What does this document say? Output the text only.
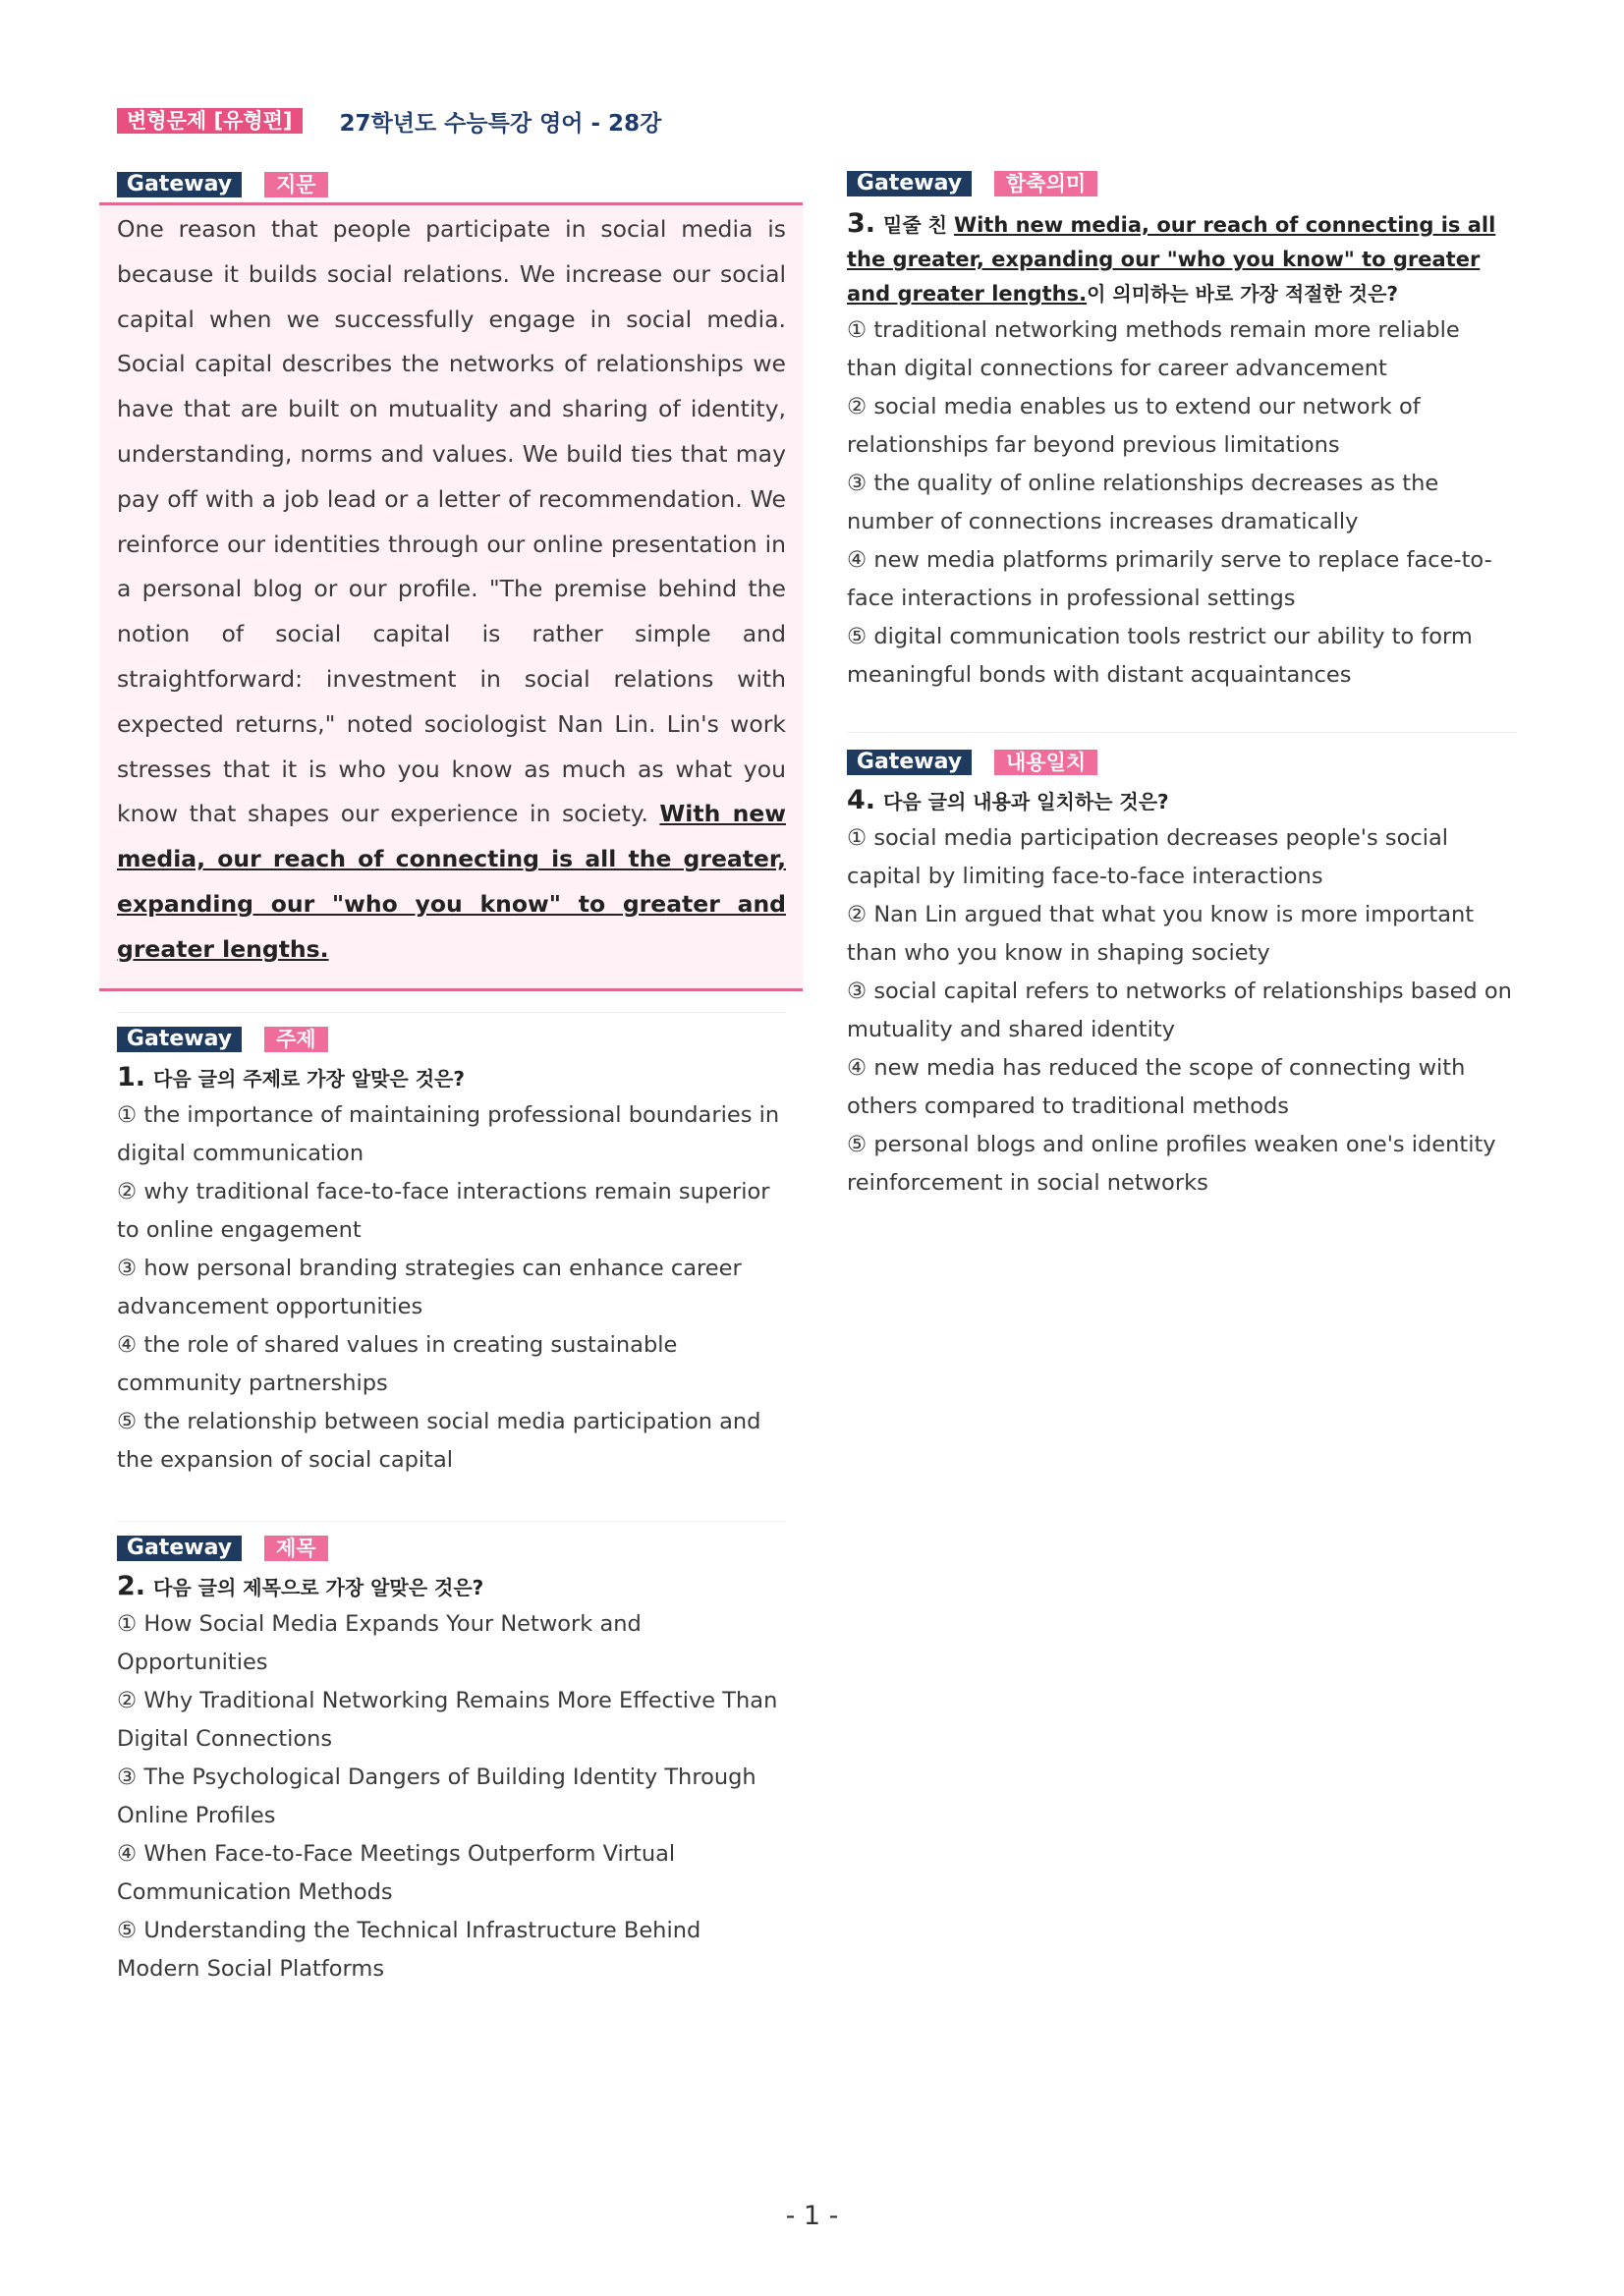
변형문제 [유형편]	27학년도 수능특강 영어 - 28강
Gateway	지문

One reason that people participate in social media is because it builds social relations. We increase our social capital when we successfully engage in social media. Social capital describes the networks of relationships we have that are built on mutuality and sharing of identity, understanding, norms and values. We build ties that may pay off with a job lead or a letter of recommendation. We reinforce our identities through our online presentation in a personal blog or our profile. "The premise behind the notion of social capital is rather simple and straightforward: investment in social relations with expected returns," noted sociologist Nan Lin. Lin's work stresses that it is who you know as much as what you know that shapes our experience in society. With new media, our reach of connecting is all the greater, expanding our "who you know" to greater and greater lengths.

Gateway	주제
1. 다음 글의 주제로 가장 알맞은 것은?
① the importance of maintaining professional boundaries in digital communication
② why traditional face-to-face interactions remain superior to online engagement
③ how personal branding strategies can enhance career advancement opportunities
④ the role of shared values in creating sustainable community partnerships
⑤ the relationship between social media participation and the expansion of social capital
Gateway	제목
2. 다음 글의 제목으로 가장 알맞은 것은?
① How Social Media Expands Your Network and Opportunities
② Why Traditional Networking Remains More Effective Than Digital Connections
③ The Psychological Dangers of Building Identity Through Online Profiles
④ When Face-to-Face Meetings Outperform Virtual Communication Methods
⑤ Understanding the Technical Infrastructure Behind Modern Social Platforms
Gateway	함축의미
3. 밑줄 친 With new media, our reach of connecting is all the greater, expanding our "who you know" to greater and greater lengths.이 의미하는 바로 가장 적절한 것은?
① traditional networking methods remain more reliable than digital connections for career advancement
② social media enables us to extend our network of relationships far beyond previous limitations
③ the quality of online relationships decreases as the number of connections increases dramatically
④ new media platforms primarily serve to replace face-to-face interactions in professional settings
⑤ digital communication tools restrict our ability to form meaningful bonds with distant acquaintances
Gateway	내용일치
4. 다음 글의 내용과 일치하는 것은?
① social media participation decreases people's social capital by limiting face-to-face interactions
② Nan Lin argued that what you know is more important than who you know in shaping society
③ social capital refers to networks of relationships based on mutuality and shared identity
④ new media has reduced the scope of connecting with others compared to traditional methods
⑤ personal blogs and online profiles weaken one's identity reinforcement in social networks
- 1 -
